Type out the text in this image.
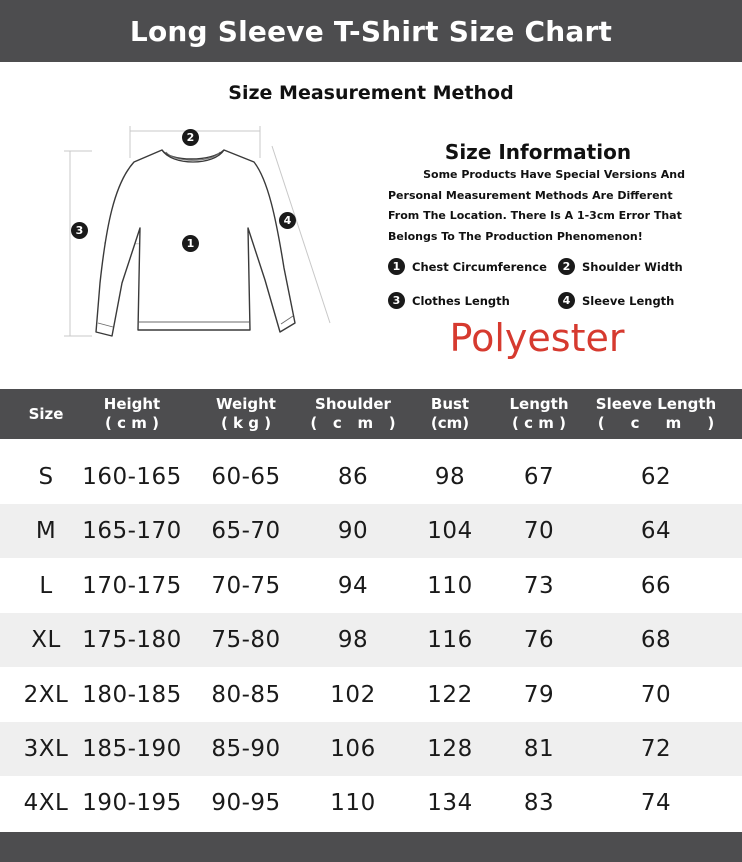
Long Sleeve T-Shirt Size Chart
Size Measurement Method
2
3
1
4
Size Information
Some Products Have Special Versions And
Personal Measurement Methods Are Different
From The Location. There Is A 1-3cm Error That
Belongs To The Production Phenomenon!
1	Chest Circumference	2	Shoulder Width
3	Clothes Length	4	Sleeve Length
Polyester
Size
Height
( c m )
Weight
( k g )
Shoulder
(   c   m   )
Bust
(cm)
Length
( c m )
Sleeve Length
(     c     m     )
S	160-165	60-65	86	98	67	62
M	165-170	65-70	90	104	70	64
L	170-175	70-75	94	110	73	66
XL 175-180	75-80	98	116	76	68
2XL 180-185	80-85	102	122	79	70
3XL 185-190	85-90	106	128	81	72
4XL 190-195	90-95	110	134	83	74
